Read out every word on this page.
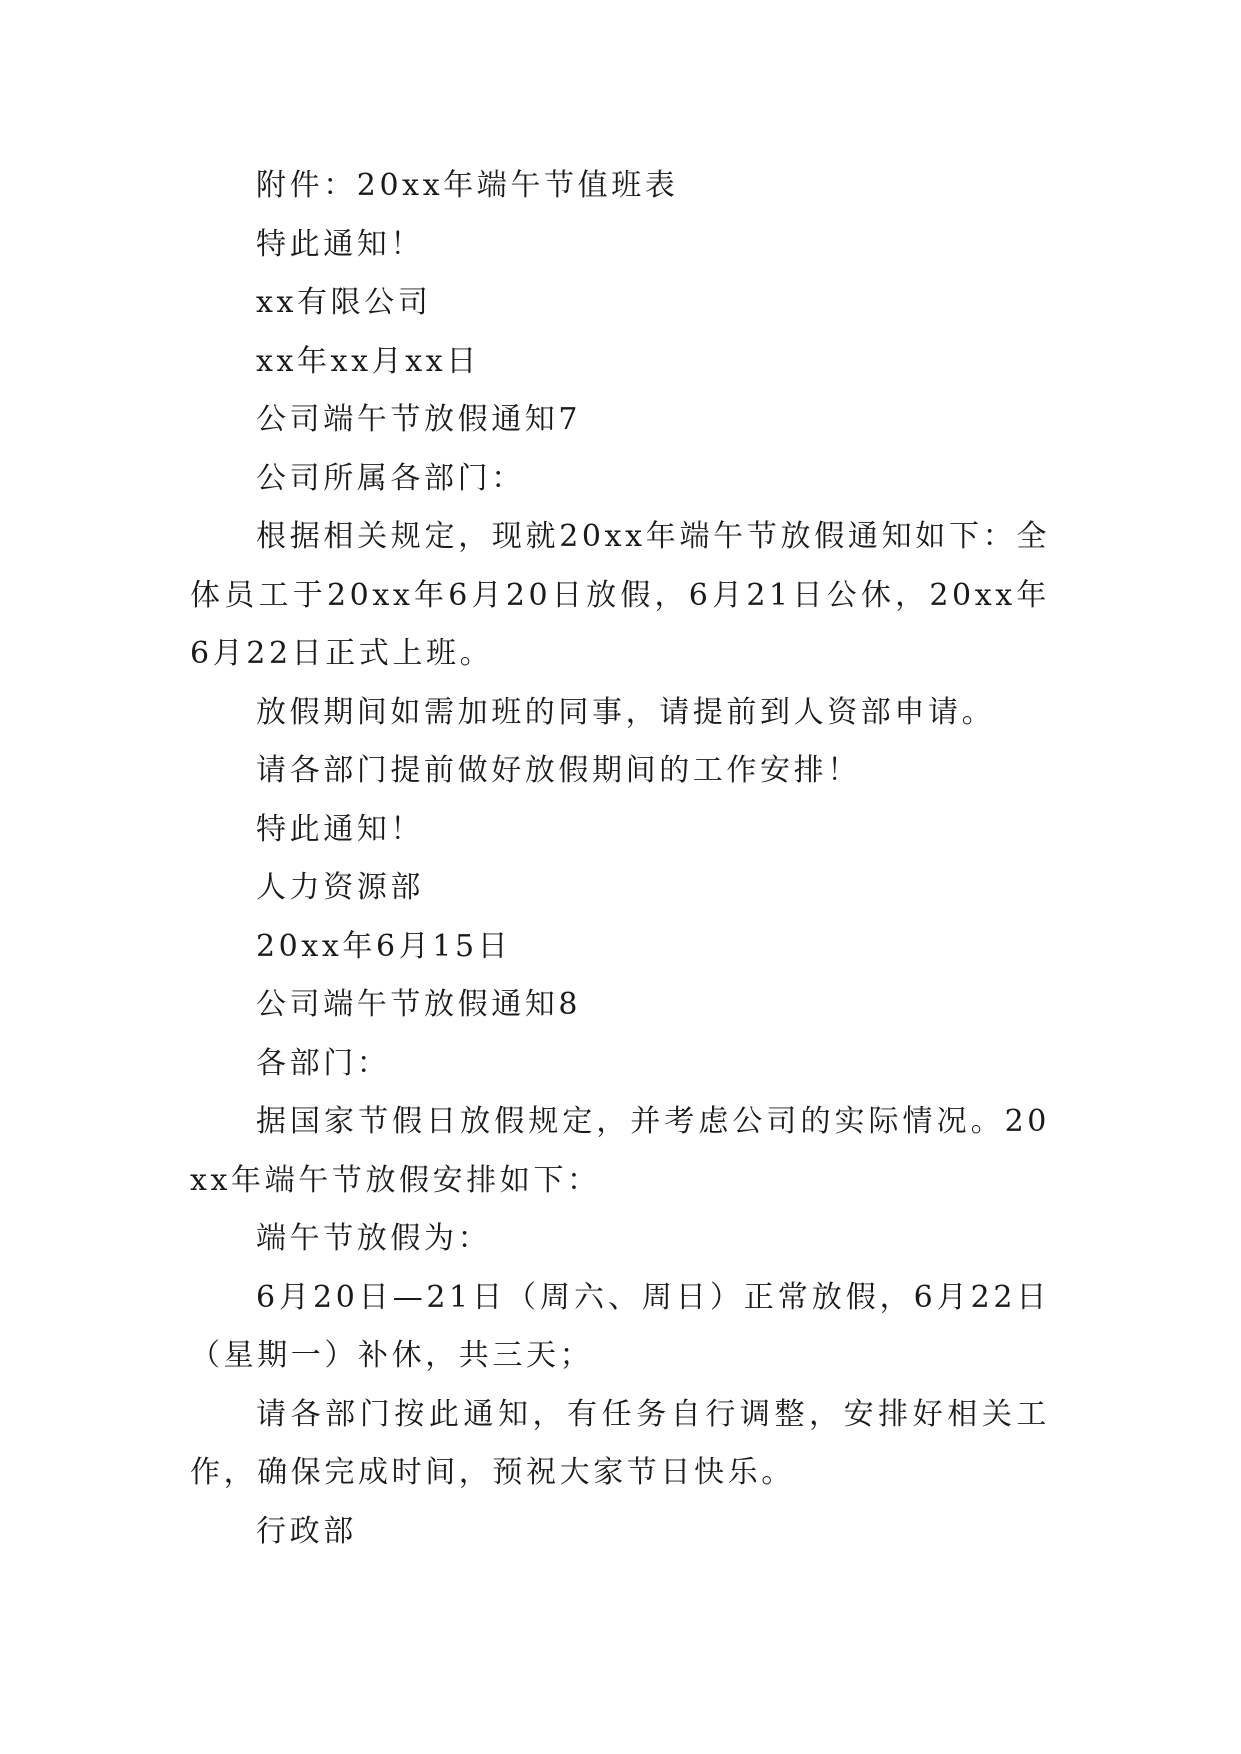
附件：20xx年端午节值班表

特此通知！

xx有限公司

xx年xx月xx日

公司端午节放假通知7

公司所属各部门：

根据相关规定，现就20xx年端午节放假通知如下：全体员工于20xx年6月20日放假，6月21日公休，20xx年6月22日正式上班。

放假期间如需加班的同事，请提前到人资部申请。

请各部门提前做好放假期间的工作安排！

特此通知！

人力资源部

20xx年6月15日

公司端午节放假通知8

各部门：

据国家节假日放假规定，并考虑公司的实际情况。20xx年端午节放假安排如下：

端午节放假为：

6月20日—21日（周六、周日）正常放假，6月22日（星期一）补休，共三天；

请各部门按此通知，有任务自行调整，安排好相关工作，确保完成时间，预祝大家节日快乐。

行政部
